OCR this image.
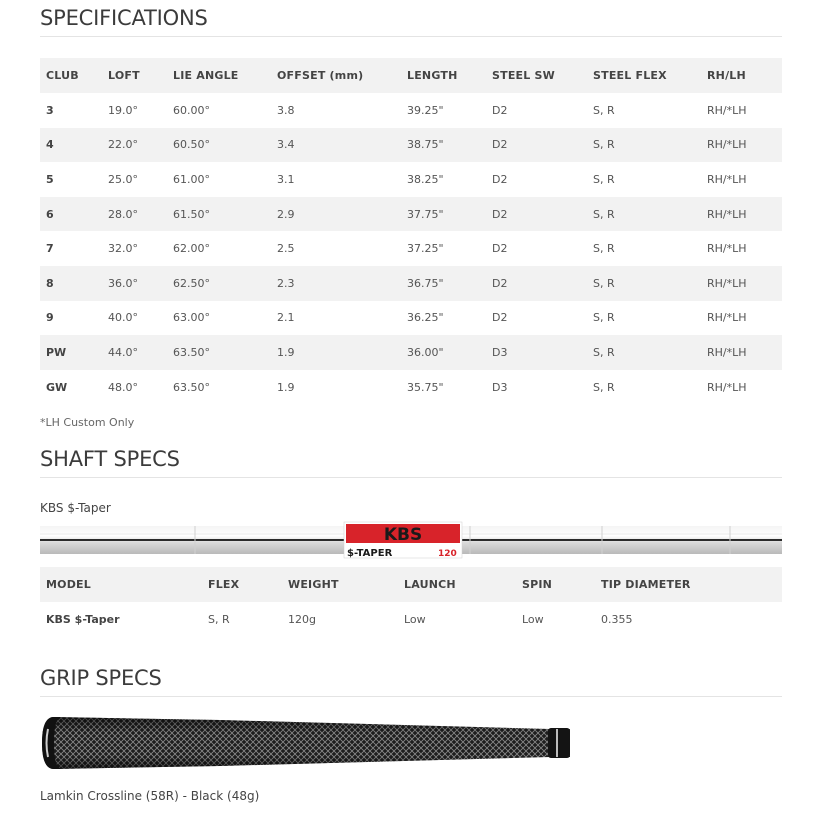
SPECIFICATIONS
CLUB	LOFT	LIE ANGLE	OFFSET (mm)	LENGTH	STEEL SW	STEEL FLEX	RH/LH
3	19.0°	60.00°	3.8	39.25"	D2	S, R	RH/*LH
4	22.0°	60.50°	3.4	38.75"	D2	S, R	RH/*LH
5	25.0°	61.00°	3.1	38.25"	D2	S, R	RH/*LH
6	28.0°	61.50°	2.9	37.75"	D2	S, R	RH/*LH
7	32.0°	62.00°	2.5	37.25"	D2	S, R	RH/*LH
8	36.0°	62.50°	2.3	36.75"	D2	S, R	RH/*LH
9	40.0°	63.00°	2.1	36.25"	D2	S, R	RH/*LH
PW	44.0°	63.50°	1.9	36.00"	D3	S, R	RH/*LH
GW	48.0°	63.50°	1.9	35.75"	D3	S, R	RH/*LH
*LH Custom Only
SHAFT SPECS
KBS $-Taper
KBS
$-TAPER	120
MODEL	FLEX	WEIGHT	LAUNCH	SPIN	TIP DIAMETER
KBS $-Taper	S, R	120g	Low	Low	0.355
GRIP SPECS
Lamkin Crossline (58R) - Black (48g)
